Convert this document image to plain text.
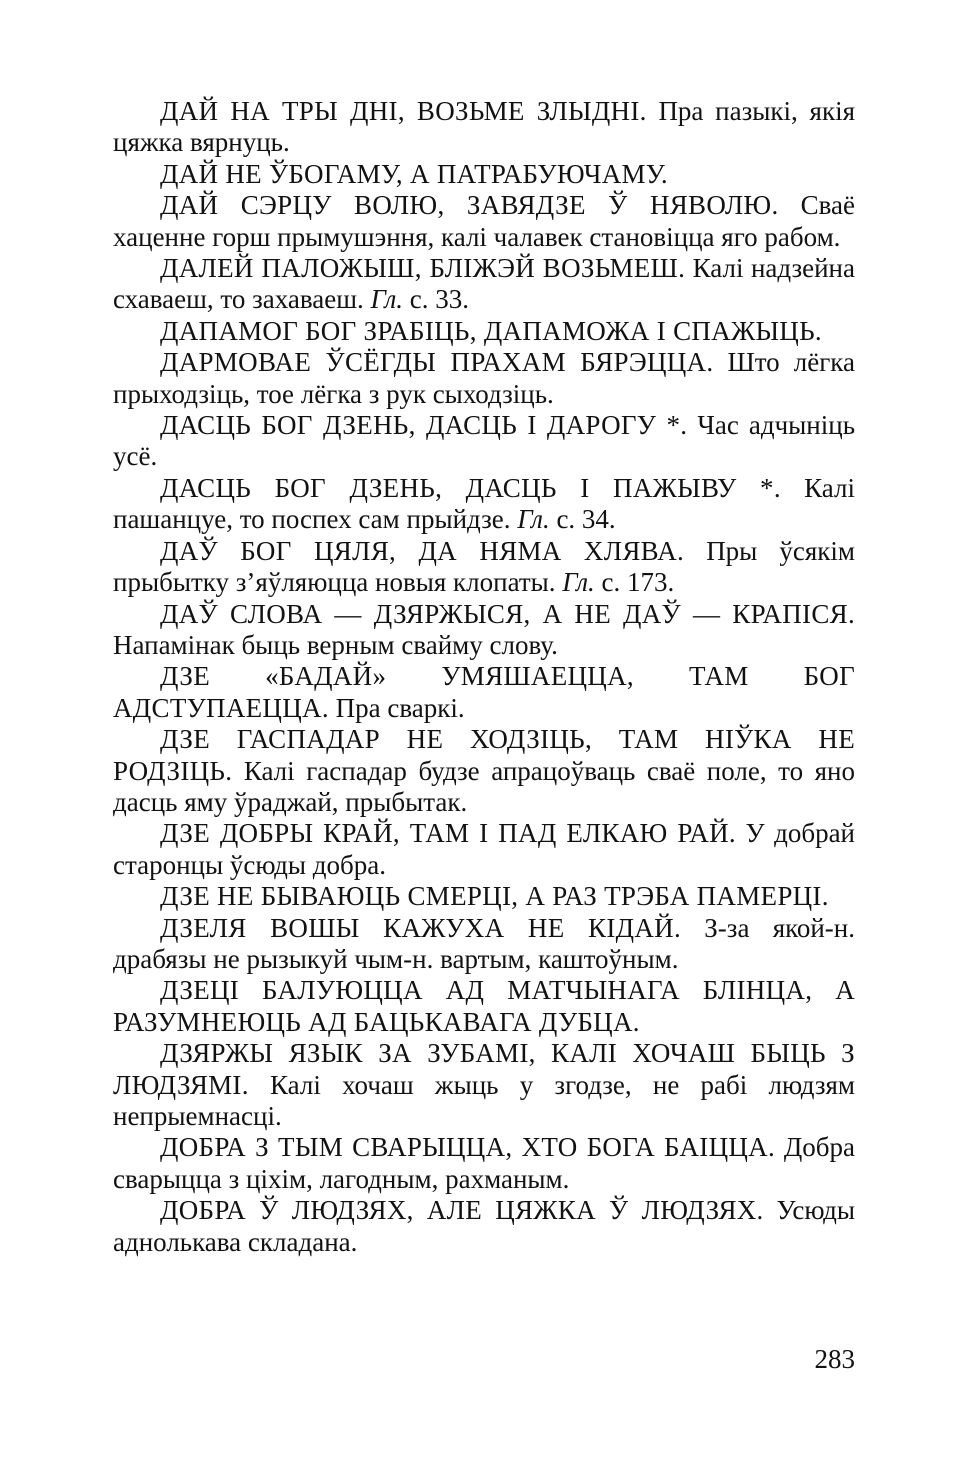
ДАЙ НА ТРЫ ДНІ, ВОЗЬМЕ ЗЛЫДНІ. Пра пазыкі, якія цяжка вярнуць.

ДАЙ НЕ ЎБОГАМУ, А ПАТРАБУЮЧАМУ.

ДАЙ СЭРЦУ ВОЛЮ, ЗАВЯДЗЕ Ў НЯВОЛЮ. Сваё хаценне горш прымушэння, калі чалавек становіцца яго рабом.

ДАЛЕЙ ПАЛОЖЫШ, БЛІЖЭЙ ВОЗЬМЕШ. Калі надзейна схаваеш, то захаваеш. Гл. с. 33.

ДАПАМОГ БОГ ЗРАБІЦЬ, ДАПАМОЖА І СПАЖЫЦЬ.

ДАРМОВАЕ ЎСЁГДЫ ПРАХАМ БЯРЭЦЦА. Што лёгка прыходзіць, тое лёгка з рук сыходзіць.

ДАСЦЬ БОГ ДЗЕНЬ, ДАСЦЬ І ДАРОГУ *. Час адчыніць усё.

ДАСЦЬ БОГ ДЗЕНЬ, ДАСЦЬ І ПАЖЫВУ *. Калі пашанцуе, то поспех сам прыйдзе. Гл. с. 34.

ДАЎ БОГ ЦЯЛЯ, ДА НЯМА ХЛЯВА. Пры ўсякім прыбытку з’яўляюцца новыя клопаты. Гл. с. 173.

ДАЎ СЛОВА — ДЗЯРЖЫСЯ, А НЕ ДАЎ — КРАПІСЯ. Напамінак быць верным свайму слову.

ДЗЕ «БАДАЙ» УМЯШАЕЦЦА, ТАМ БОГ АДСТУПАЕЦЦА. Пра сваркі.

ДЗЕ ГАСПАДАР НЕ ХОДЗІЦЬ, ТАМ НІЎКА НЕ РОДЗІЦЬ. Калі гаспадар будзе апрацоўваць сваё поле, то яно дасць яму ўраджай, прыбытак.

ДЗЕ ДОБРЫ КРАЙ, ТАМ І ПАД ЕЛКАЮ РАЙ. У добрай старонцы ўсюды добра.

ДЗЕ НЕ БЫВАЮЦЬ СМЕРЦІ, А РАЗ ТРЭБА ПАМЕРЦІ.

ДЗЕЛЯ ВОШЫ КАЖУХА НЕ КІДАЙ. З-за якой-н. драбязы не рызыкуй чым-н. вартым, каштоўным.

ДЗЕЦІ БАЛУЮЦЦА АД МАТЧЫНАГА БЛІНЦА, А РАЗУМНЕЮЦЬ АД БАЦЬКАВАГА ДУБЦА.

ДЗЯРЖЫ ЯЗЫК ЗА ЗУБАМІ, КАЛІ ХОЧАШ БЫЦЬ З ЛЮДЗЯМІ. Калі хочаш жыць у згодзе, не рабі людзям непрыемнасці.

ДОБРА З ТЫМ СВАРЫЦЦА, ХТО БОГА БАІЦЦА. Добра сварыцца з ціхім, лагодным, рахманым.

ДОБРА Ў ЛЮДЗЯХ, АЛЕ ЦЯЖКА Ў ЛЮДЗЯХ. Усюды аднолькава складана.

283
